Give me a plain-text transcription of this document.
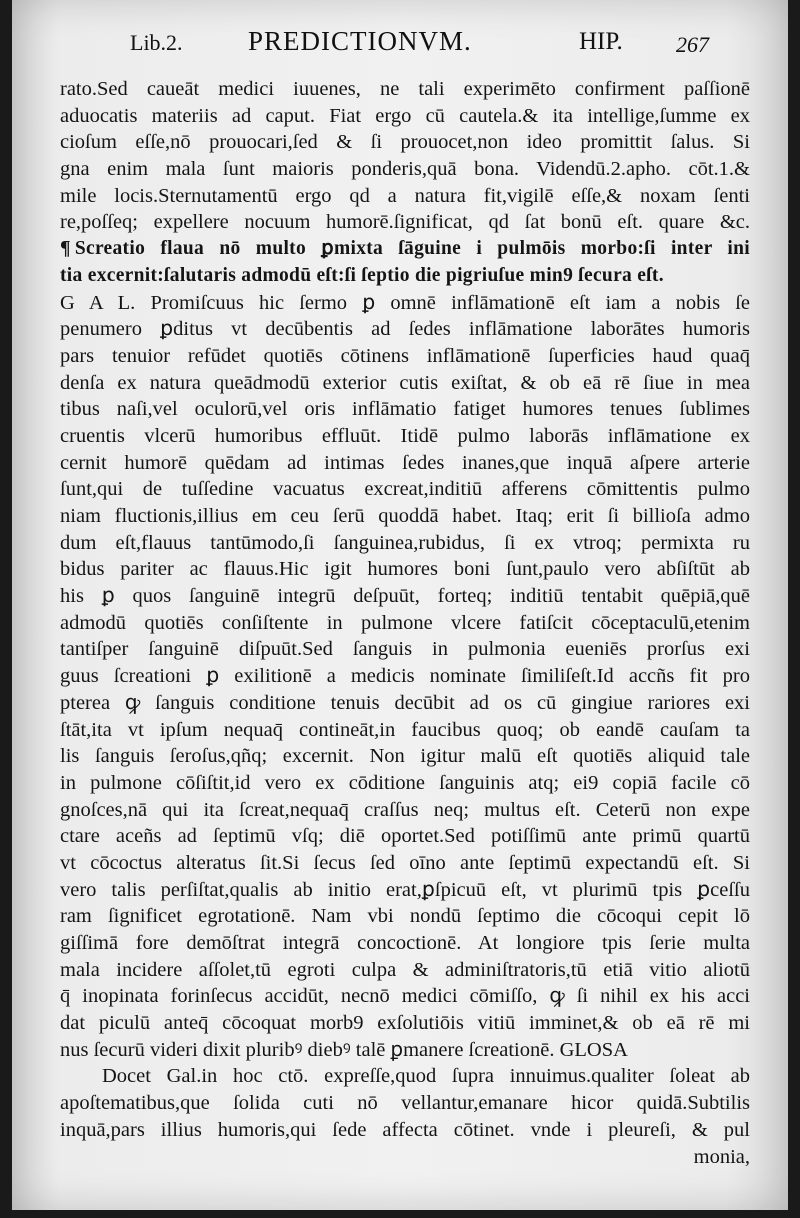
Lib.2. PREDICTIONVM.	HIP. 267
rato.Sed caueāt medici iuuenes, ne tali experimēto confirment paſſionē
aduocatis materiis ad caput. Fiat ergo cū cautela.& ita intellige,ſumme ex
cioſum eſſe,nō prouocari,ſed & ſi prouocet,non ideo promittit ſalus. Si
gna enim mala ſunt maioris ponderis,quā bona. Videndū.2.apho. cōt.1.&
mile locis.Sternutamentū ergo qd a natura fit,vigilē eſſe,& noxam ſenti
re,poſſeq; expellere nocuum humorē.ſignificat, qd ſat bonū eſt. quare &c.
¶ Screatio flaua nō multo ꝑmixta ſāguine i pulmōis morbo:ſi inter ini
tia excernit:ſalutaris admodū eſt:ſi ſeptio die pigriuſue min9 ſecura eſt.
G A L. Promiſcuus hic ſermo ꝑ omnē inflāmationē eſt iam a nobis ſe
penumero ꝑditus vt decūbentis ad ſedes inflāmatione laborātes humoris
pars tenuior refūdet quotiēs cōtinens inflāmationē ſuperficies haud quaq̄
denſa ex natura queādmodū exterior cutis exiſtat, & ob eā rē ſiue in mea
tibus naſi,vel oculorū,vel oris inflāmatio fatiget humores tenues ſublimes
cruentis vlcerū humoribus effluūt. Itidē pulmo laborās inflāmatione ex
cernit humorē quēdam ad intimas ſedes inanes,que inquā aſpere arterie
ſunt,qui de tuſſedine vacuatus excreat,inditiū afferens cōmittentis pulmo
niam fluctionis,illius em ceu ſerū quoddā habet. Itaq; erit ſi billioſa admo
dum eſt,flauus tantūmodo,ſi ſanguinea,rubidus, ſi ex vtroq; permixta ru
bidus pariter ac flauus.Hic igit humores boni ſunt,paulo vero abſiſtūt ab
his ꝑ quos ſanguinē integrū deſpuūt, forteq; inditiū tentabit quēpiā,quē
admodū quotiēs conſiſtente in pulmone vlcere fatiſcit cōceptaculū,etenim
tantiſper ſanguinē diſpuūt.Sed ſanguis in pulmonia eueniēs prorſus exi
guus ſcreationi ꝑ exilitionē a medicis nominate ſimiliſeſt.Id accñs fit pro
pterea ꝙ ſanguis conditione tenuis decūbit ad os cū gingiue rariores exi
ſtāt,ita vt ipſum nequaq̄ contineāt,in faucibus quoq; ob eandē cauſam ta
lis ſanguis ſeroſus,qñq; excernit. Non igitur malū eſt quotiēs aliquid tale
in pulmone cōſiſtit,id vero ex cōditione ſanguinis atq; ei9 copiā facile cō
gnoſces,nā qui ita ſcreat,nequaq̄ craſſus neq; multus eſt. Ceterū non expe
ctare aceñs ad ſeptimū vſq; diē oportet.Sed potiſſimū ante primū quartū
vt cōcoctus alteratus ſit.Si ſecus ſed oīno ante ſeptimū expectandū eſt. Si
vero talis perſiſtat,qualis ab initio erat,ꝑſpicuū eſt, vt plurimū tpis ꝑceſſu
ram ſignificet egrotationē. Nam vbi nondū ſeptimo die cōcoqui cepit lō
giſſimā fore demōſtrat integrā concoctionē. At longiore tpis ſerie multa
mala incidere aſſolet,tū egroti culpa & adminiſtratoris,tū etiā vitio aliotū
q̄ inopinata forinſecus accidūt, necnō medici cōmiſſo, ꝙ ſi nihil ex his acci
dat piculū anteq̄ cōcoquat morb9 exſolutiōis vitiū imminet,& ob eā rē mi
nus ſecurū videri dixit pluribꝰ diebꝰ talē ꝑmanere ſcreationē. GLOSA
Docet Gal.in hoc ctō. expreſſe,quod ſupra innuimus.qualiter ſoleat ab
apoſtematibus,que ſolida cuti nō vellantur,emanare hicor quidā.Subtilis
inquā,pars illius humoris,qui ſede affecta cōtinet. vnde i pleureſi, & pul
monia,
